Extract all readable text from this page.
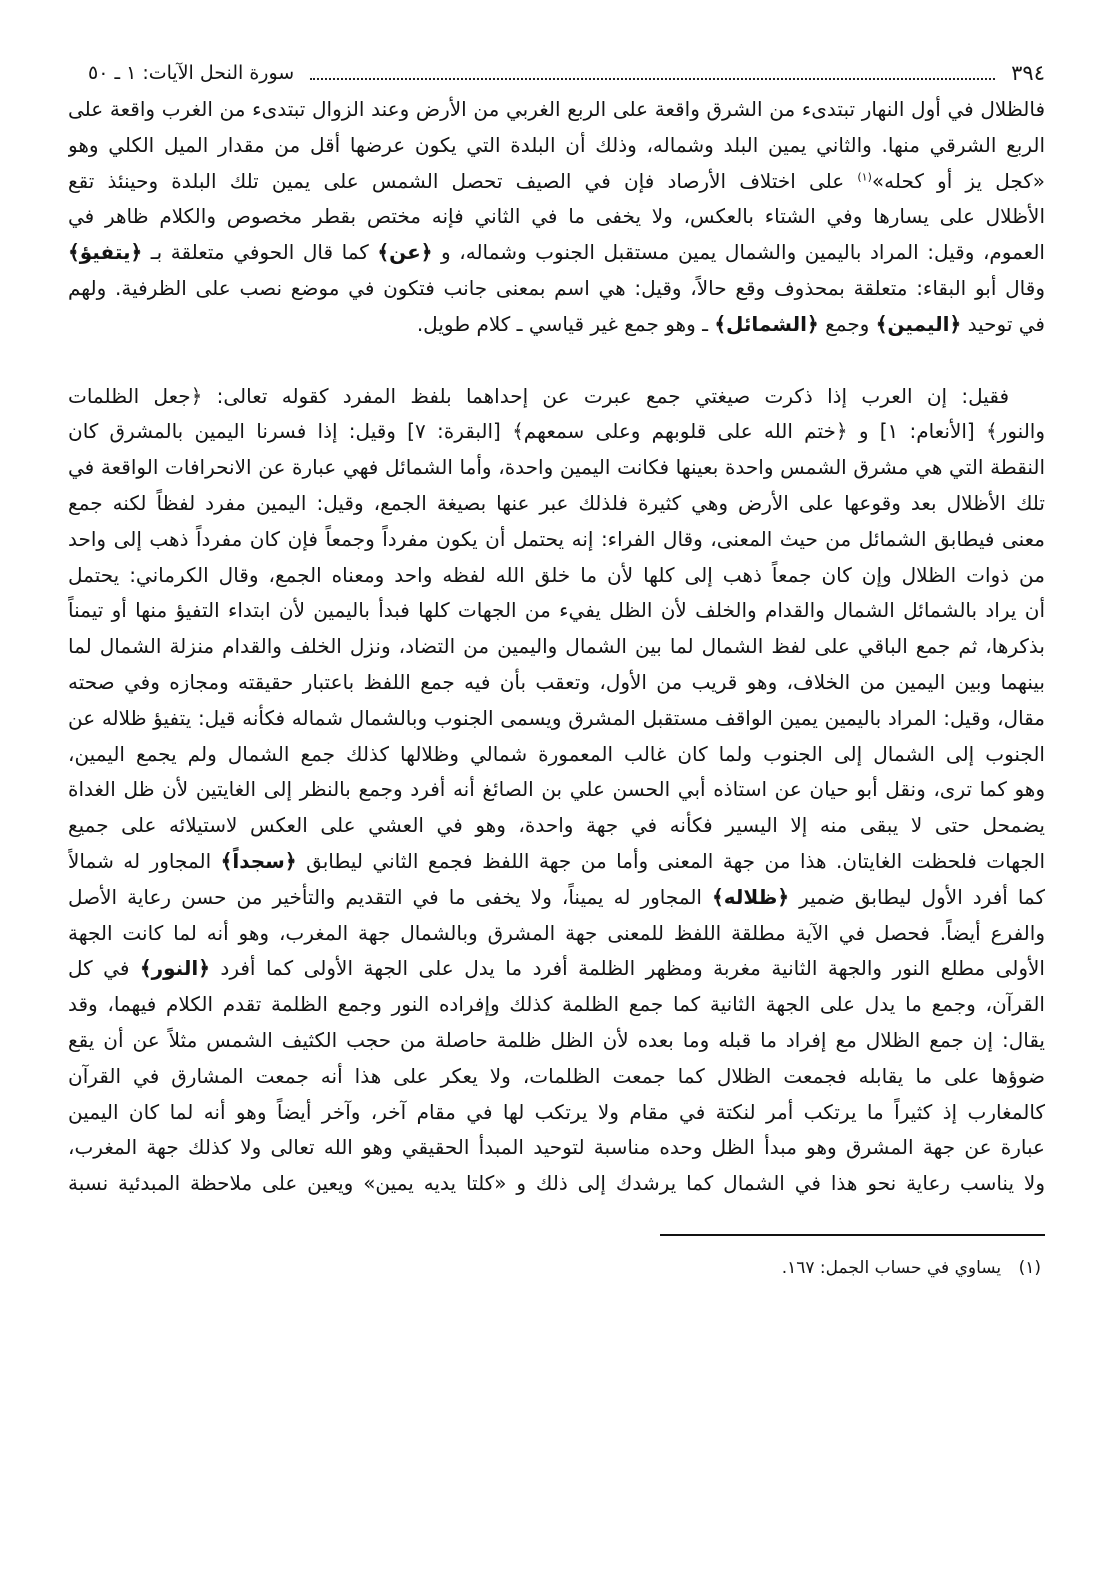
٣٩٤
سورة النحل الآيات: ١ ـ ٥٠
فالظلال في أول النهار تبتدىء من الشرق واقعة على الربع الغربي من الأرض وعند الزوال تبتدىء من الغرب واقعة على
الربع الشرقي منها. والثاني يمين البلد وشماله، وذلك أن البلدة التي يكون عرضها أقل من مقدار الميل الكلي وهو
«كجل يز أو كحله»$^{(١)}$ على اختلاف الأرصاد فإن في الصيف تحصل الشمس على يمين تلك البلدة وحينئذ تقع
الأظلال على يسارها وفي الشتاء بالعكس، ولا يخفى ما في الثاني فإنه مختص بقطر مخصوص والكلام ظاهر في
العموم، وقيل: المراد باليمين والشمال يمين مستقبل الجنوب وشماله، و ﴿عن﴾ كما قال الحوفي متعلقة بـ ﴿يتفيؤ﴾
وقال أبو البقاء: متعلقة بمحذوف وقع حالاً، وقيل: هي اسم بمعنى جانب فتكون في موضع نصب على الظرفية. ولهم
في توحيد ﴿اليمين﴾ وجمع ﴿الشمائل﴾ ـ وهو جمع غير قياسي ـ كلام طويل.
فقيل: إن العرب إذا ذكرت صيغتي جمع عبرت عن إحداهما بلفظ المفرد كقوله تعالى: ﴿جعل الظلمات
والنور﴾ [الأنعام: ١] و ﴿ختم الله على قلوبهم وعلى سمعهم﴾ [البقرة: ٧] وقيل: إذا فسرنا اليمين بالمشرق كان
النقطة التي هي مشرق الشمس واحدة بعينها فكانت اليمين واحدة، وأما الشمائل فهي عبارة عن الانحرافات الواقعة في
تلك الأظلال بعد وقوعها على الأرض وهي كثيرة فلذلك عبر عنها بصيغة الجمع، وقيل: اليمين مفرد لفظاً لكنه جمع
معنى فيطابق الشمائل من حيث المعنى، وقال الفراء: إنه يحتمل أن يكون مفرداً وجمعاً فإن كان مفرداً ذهب إلى واحد
من ذوات الظلال وإن كان جمعاً ذهب إلى كلها لأن ما خلق الله لفظه واحد ومعناه الجمع، وقال الكرماني: يحتمل
أن يراد بالشمائل الشمال والقدام والخلف لأن الظل يفيء من الجهات كلها فبدأ باليمين لأن ابتداء التفيؤ منها أو تيمناً
بذكرها، ثم جمع الباقي على لفظ الشمال لما بين الشمال واليمين من التضاد، ونزل الخلف والقدام منزلة الشمال لما
بينهما وبين اليمين من الخلاف، وهو قريب من الأول، وتعقب بأن فيه جمع اللفظ باعتبار حقيقته ومجازه وفي صحته
مقال، وقيل: المراد باليمين يمين الواقف مستقبل المشرق ويسمى الجنوب وبالشمال شماله فكأنه قيل: يتفيؤ ظلاله عن
الجنوب إلى الشمال إلى الجنوب ولما كان غالب المعمورة شمالي وظلالها كذلك جمع الشمال ولم يجمع اليمين،
وهو كما ترى، ونقل أبو حيان عن استاذه أبي الحسن علي بن الصائغ أنه أفرد وجمع بالنظر إلى الغايتين لأن ظل الغداة
يضمحل حتى لا يبقى منه إلا اليسير فكأنه في جهة واحدة، وهو في العشي على العكس لاستيلائه على جميع
الجهات فلحظت الغايتان. هذا من جهة المعنى وأما من جهة اللفظ فجمع الثاني ليطابق ﴿سجداً﴾ المجاور له شمالاً
كما أفرد الأول ليطابق ضمير ﴿ظلاله﴾ المجاور له يميناً، ولا يخفى ما في التقديم والتأخير من حسن رعاية الأصل
والفرع أيضاً. فحصل في الآية مطلقة اللفظ للمعنى جهة المشرق وبالشمال جهة المغرب، وهو أنه لما كانت الجهة
الأولى مطلع النور والجهة الثانية مغربة ومظهر الظلمة أفرد ما يدل على الجهة الأولى كما أفرد ﴿النور﴾ في كل
القرآن، وجمع ما يدل على الجهة الثانية كما جمع الظلمة كذلك وإفراده النور وجمع الظلمة تقدم الكلام فيهما، وقد
يقال: إن جمع الظلال مع إفراد ما قبله وما بعده لأن الظل ظلمة حاصلة من حجب الكثيف الشمس مثلاً عن أن يقع
ضوؤها على ما يقابله فجمعت الظلال كما جمعت الظلمات، ولا يعكر على هذا أنه جمعت المشارق في القرآن
كالمغارب إذ كثيراً ما يرتكب أمر لنكتة في مقام ولا يرتكب لها في مقام آخر، وآخر أيضاً وهو أنه لما كان اليمين
عبارة عن جهة المشرق وهو مبدأ الظل وحده مناسبة لتوحيد المبدأ الحقيقي وهو الله تعالى ولا كذلك جهة المغرب،
ولا يناسب رعاية نحو هذا في الشمال كما يرشدك إلى ذلك و «كلتا يديه يمين» ويعين على ملاحظة المبدئية نسبة
(١) يساوي في حساب الجمل: ١٦٧.
